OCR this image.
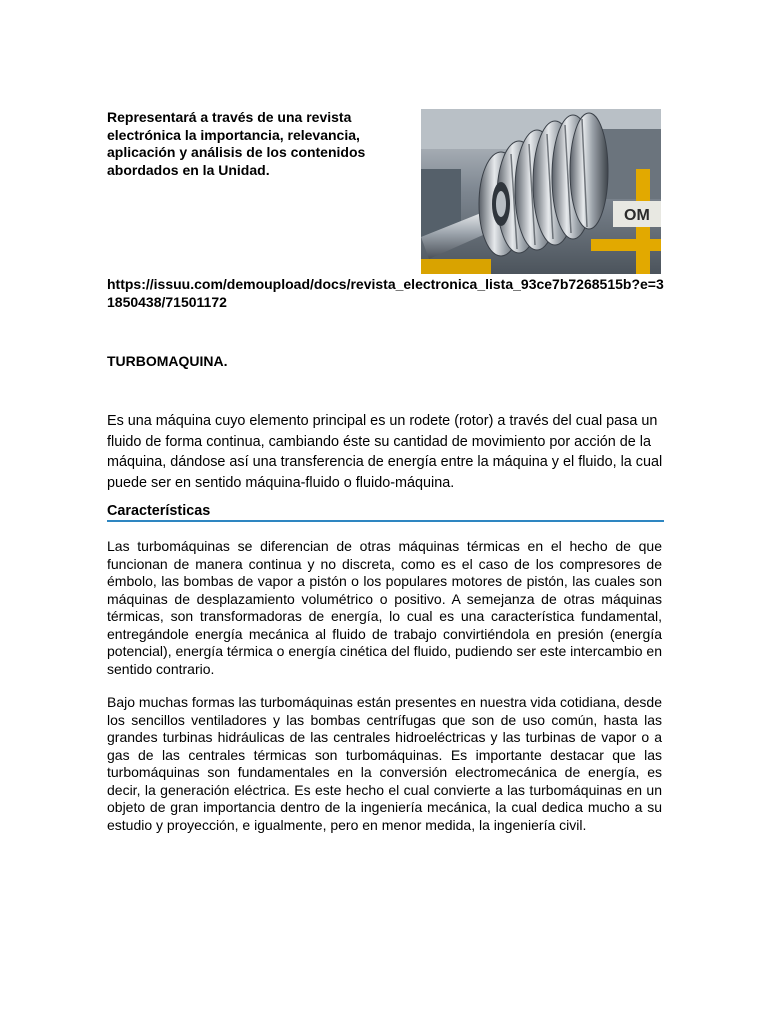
Representará a través de una revista electrónica la importancia, relevancia, aplicación y análisis de los contenidos abordados en la Unidad.
OM
https://issuu.com/demoupload/docs/revista_electronica_lista_93ce7b7268515b?e=31850438/71501172
TURBOMAQUINA.
Es una máquina cuyo elemento principal es un rodete (rotor) a través del cual pasa un fluido de forma continua, cambiando éste su cantidad de movimiento por acción de la máquina, dándose así una transferencia de energía entre la máquina y el fluido, la cual puede ser en sentido máquina-fluido o fluido-máquina.
Características
Las turbomáquinas se diferencian de otras máquinas térmicas en el hecho de que funcionan de manera continua y no discreta, como es el caso de los compresores de émbolo, las bombas de vapor a pistón o los populares motores de pistón, las cuales son máquinas de desplazamiento volumétrico o positivo. A semejanza de otras máquinas térmicas, son transformadoras de energía, lo cual es una característica fundamental, entregándole energía mecánica al fluido de trabajo convirtiéndola en presión (energía potencial), energía térmica o energía cinética del fluido, pudiendo ser este intercambio en sentido contrario.
Bajo muchas formas las turbomáquinas están presentes en nuestra vida cotidiana, desde los sencillos ventiladores y las bombas centrífugas que son de uso común, hasta las grandes turbinas hidráulicas de las centrales hidroeléctricas y las turbinas de vapor o a gas de las centrales térmicas son turbomáquinas. Es importante destacar que las turbomáquinas son fundamentales en la conversión electromecánica de energía, es decir, la generación eléctrica. Es este hecho el cual convierte a las turbomáquinas en un objeto de gran importancia dentro de la ingeniería mecánica, la cual dedica mucho a su estudio y proyección, e igualmente, pero en menor medida, la ingeniería civil.
